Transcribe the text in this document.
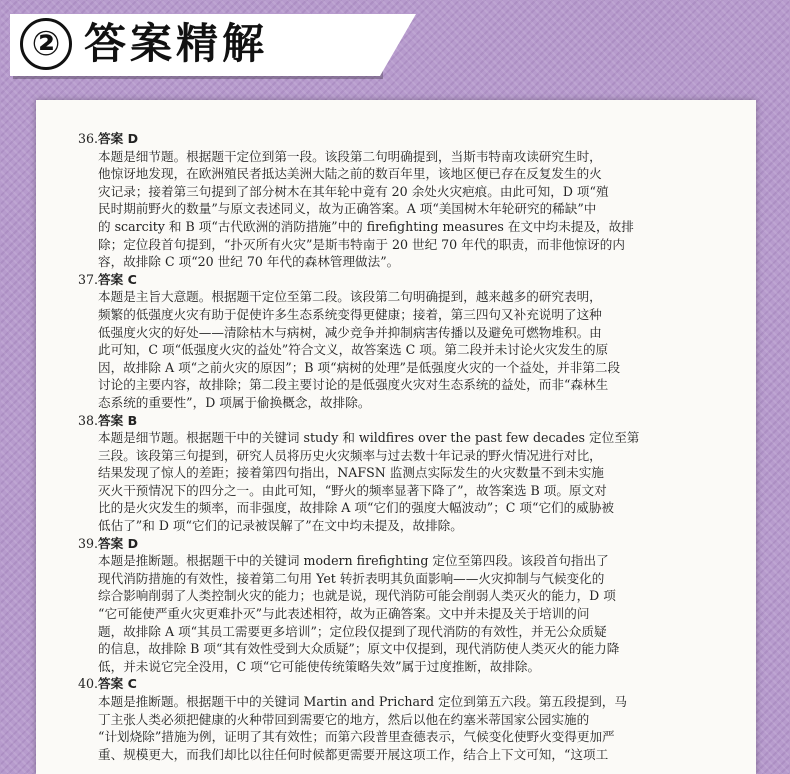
② 答案精解
36.答案 D
本题是细节题。根据题干定位到第一段。该段第二句明确提到，当斯韦特南攻读研究生时，
他惊讶地发现，在欧洲殖民者抵达美洲大陆之前的数百年里，该地区便已存在反复发生的火
灾记录；接着第三句提到了部分树木在其年轮中竟有 20 余处火灾疤痕。由此可知，D 项“殖
民时期前野火的数量”与原文表述同义，故为正确答案。A 项“美国树木年轮研究的稀缺”中
的 scarcity 和 B 项“古代欧洲的消防措施”中的 firefighting measures 在文中均未提及，故排
除；定位段首句提到，“扑灭所有火灾”是斯韦特南于 20 世纪 70 年代的职责，而非他惊讶的内
容，故排除 C 项“20 世纪 70 年代的森林管理做法”。
37.答案 C
本题是主旨大意题。根据题干定位至第二段。该段第二句明确提到，越来越多的研究表明，
频繁的低强度火灾有助于促使许多生态系统变得更健康；接着，第三四句又补充说明了这种
低强度火灾的好处——清除枯木与病树，减少竞争并抑制病害传播以及避免可燃物堆积。由
此可知，C 项“低强度火灾的益处”符合文义，故答案选 C 项。第二段并未讨论火灾发生的原
因，故排除 A 项“之前火灾的原因”；B 项“病树的处理”是低强度火灾的一个益处，并非第二段
讨论的主要内容，故排除；第二段主要讨论的是低强度火灾对生态系统的益处，而非“森林生
态系统的重要性”，D 项属于偷换概念，故排除。
38.答案 B
本题是细节题。根据题干中的关键词 study 和 wildfires over the past few decades 定位至第
三段。该段第三句提到，研究人员将历史火灾频率与过去数十年记录的野火情况进行对比，
结果发现了惊人的差距；接着第四句指出，NAFSN 监测点实际发生的火灾数量不到未实施
灭火干预情况下的四分之一。由此可知，“野火的频率显著下降了”，故答案选 B 项。原文对
比的是火灾发生的频率，而非强度，故排除 A 项“它们的强度大幅波动”；C 项“它们的威胁被
低估了”和 D 项“它们的记录被误解了”在文中均未提及，故排除。
39.答案 D
本题是推断题。根据题干中的关键词 modern firefighting 定位至第四段。该段首句指出了
现代消防措施的有效性，接着第二句用 Yet 转折表明其负面影响——火灾抑制与气候变化的
综合影响削弱了人类控制火灾的能力；也就是说，现代消防可能会削弱人类灭火的能力，D 项
“它可能使严重火灾更难扑灭”与此表述相符，故为正确答案。文中并未提及关于培训的问
题，故排除 A 项“其员工需要更多培训”；定位段仅提到了现代消防的有效性，并无公众质疑
的信息，故排除 B 项“其有效性受到大众质疑”；原文中仅提到，现代消防使人类灭火的能力降
低，并未说它完全没用，C 项“它可能使传统策略失效”属于过度推断，故排除。
40.答案 C
本题是推断题。根据题干中的关键词 Martin and Prichard 定位到第五六段。第五段提到，马
丁主张人类必须把健康的火种带回到需要它的地方，然后以他在约塞米蒂国家公园实施的
“计划烧除”措施为例，证明了其有效性；而第六段普里查德表示，气候变化使野火变得更加严
重、规模更大，而我们却比以往任何时候都更需要开展这项工作，结合上下文可知，“这项工
